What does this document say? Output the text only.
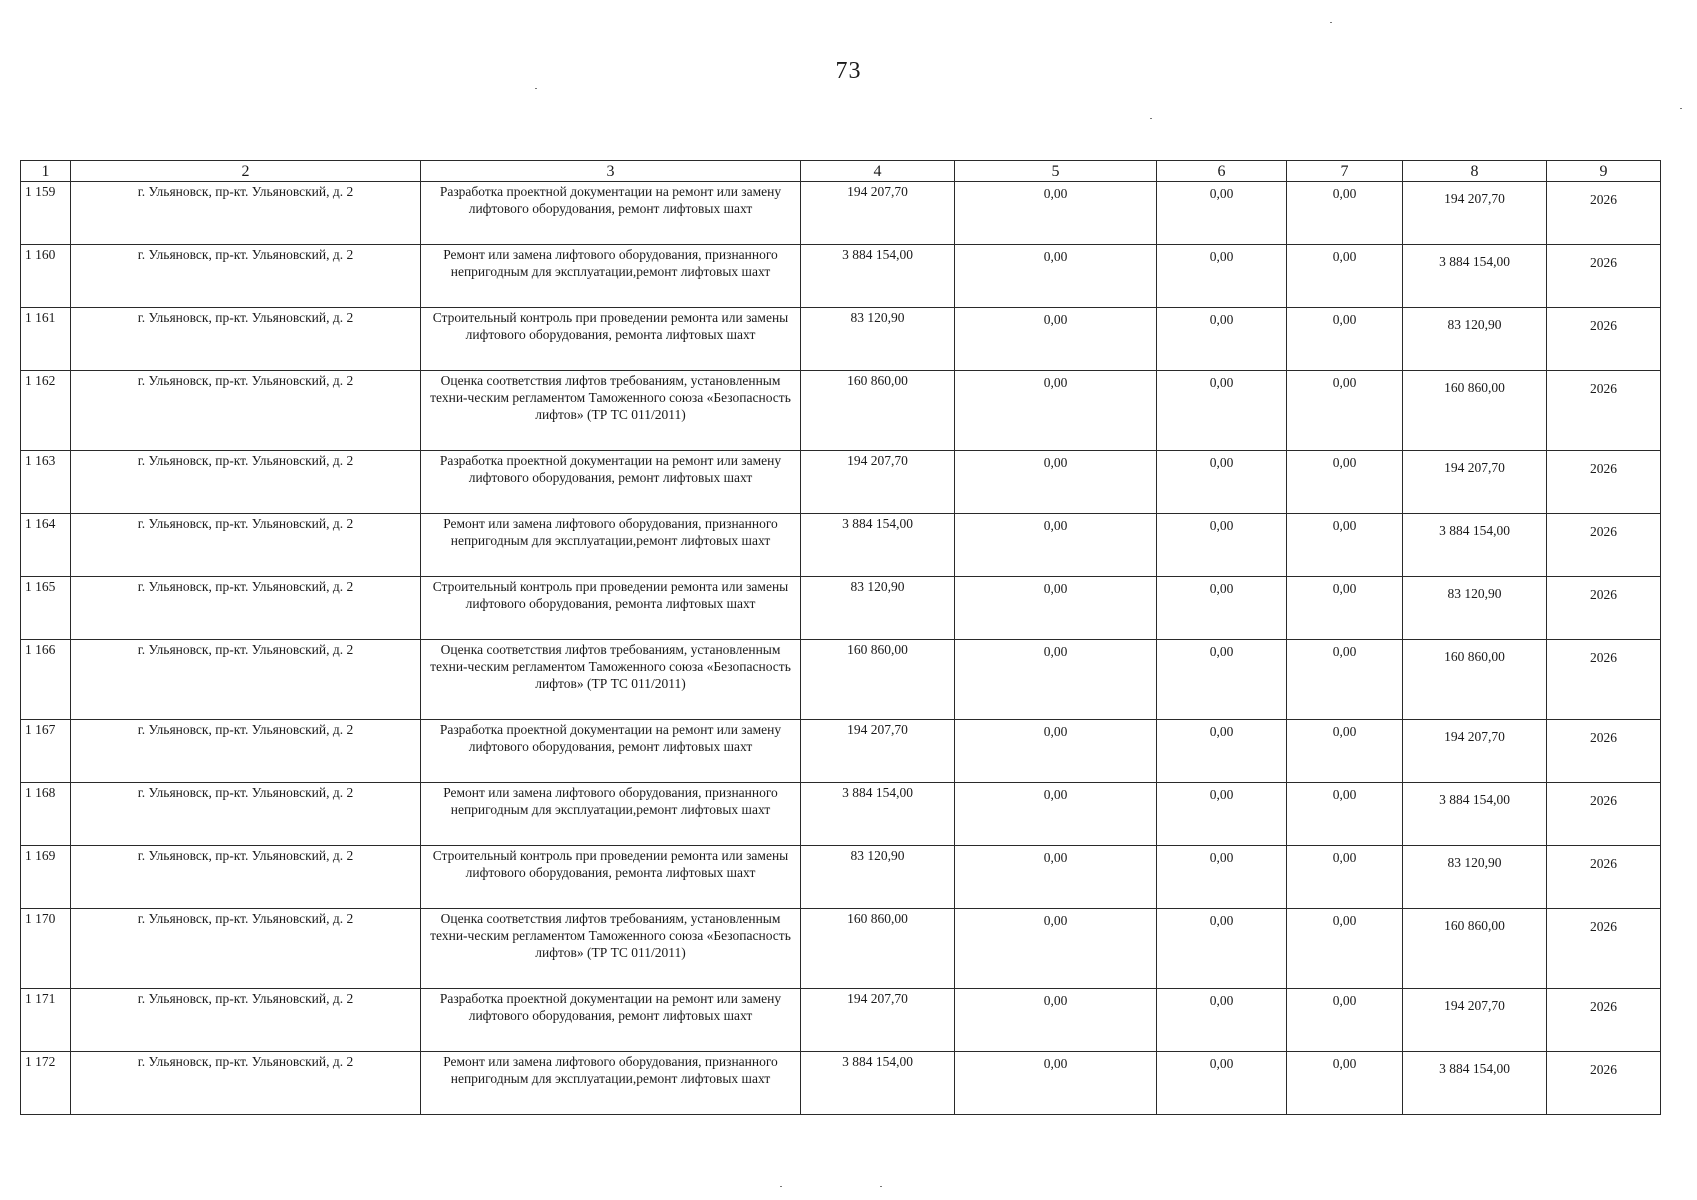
73
1	2	3	4	5	6	7	8	9
1 159	г. Ульяновск, пр-кт. Ульяновский, д. 2	Разработка проектной документации на ремонт или замену лифтового оборудования, ремонт лифтовых шахт	194 207,70	0,00	0,00	0,00	194 207,70	2026
1 160	г. Ульяновск, пр-кт. Ульяновский, д. 2	Ремонт или замена лифтового оборудования, признанного непригодным для эксплуатации,ремонт лифтовых шахт	3 884 154,00	0,00	0,00	0,00	3 884 154,00	2026
1 161	г. Ульяновск, пр-кт. Ульяновский, д. 2	Строительный контроль при проведении ремонта или замены лифтового оборудования, ремонта лифтовых шахт	83 120,90	0,00	0,00	0,00	83 120,90	2026
1 162	г. Ульяновск, пр-кт. Ульяновский, д. 2	Оценка соответствия лифтов требованиям, установленным техни-ческим регламентом Таможенного союза «Безопасность лифтов» (ТР ТС 011/2011)	160 860,00	0,00	0,00	0,00	160 860,00	2026
1 163	г. Ульяновск, пр-кт. Ульяновский, д. 2	Разработка проектной документации на ремонт или замену лифтового оборудования, ремонт лифтовых шахт	194 207,70	0,00	0,00	0,00	194 207,70	2026
1 164	г. Ульяновск, пр-кт. Ульяновский, д. 2	Ремонт или замена лифтового оборудования, признанного непригодным для эксплуатации,ремонт лифтовых шахт	3 884 154,00	0,00	0,00	0,00	3 884 154,00	2026
1 165	г. Ульяновск, пр-кт. Ульяновский, д. 2	Строительный контроль при проведении ремонта или замены лифтового оборудования, ремонта лифтовых шахт	83 120,90	0,00	0,00	0,00	83 120,90	2026
1 166	г. Ульяновск, пр-кт. Ульяновский, д. 2	Оценка соответствия лифтов требованиям, установленным техни-ческим регламентом Таможенного союза «Безопасность лифтов» (ТР ТС 011/2011)	160 860,00	0,00	0,00	0,00	160 860,00	2026
1 167	г. Ульяновск, пр-кт. Ульяновский, д. 2	Разработка проектной документации на ремонт или замену лифтового оборудования, ремонт лифтовых шахт	194 207,70	0,00	0,00	0,00	194 207,70	2026
1 168	г. Ульяновск, пр-кт. Ульяновский, д. 2	Ремонт или замена лифтового оборудования, признанного непригодным для эксплуатации,ремонт лифтовых шахт	3 884 154,00	0,00	0,00	0,00	3 884 154,00	2026
1 169	г. Ульяновск, пр-кт. Ульяновский, д. 2	Строительный контроль при проведении ремонта или замены лифтового оборудования, ремонта лифтовых шахт	83 120,90	0,00	0,00	0,00	83 120,90	2026
1 170	г. Ульяновск, пр-кт. Ульяновский, д. 2	Оценка соответствия лифтов требованиям, установленным техни-ческим регламентом Таможенного союза «Безопасность лифтов» (ТР ТС 011/2011)	160 860,00	0,00	0,00	0,00	160 860,00	2026
1 171	г. Ульяновск, пр-кт. Ульяновский, д. 2	Разработка проектной документации на ремонт или замену лифтового оборудования, ремонт лифтовых шахт	194 207,70	0,00	0,00	0,00	194 207,70	2026
1 172	г. Ульяновск, пр-кт. Ульяновский, д. 2	Ремонт или замена лифтового оборудования, признанного непригодным для эксплуатации,ремонт лифтовых шахт	3 884 154,00	0,00	0,00	0,00	3 884 154,00	2026
